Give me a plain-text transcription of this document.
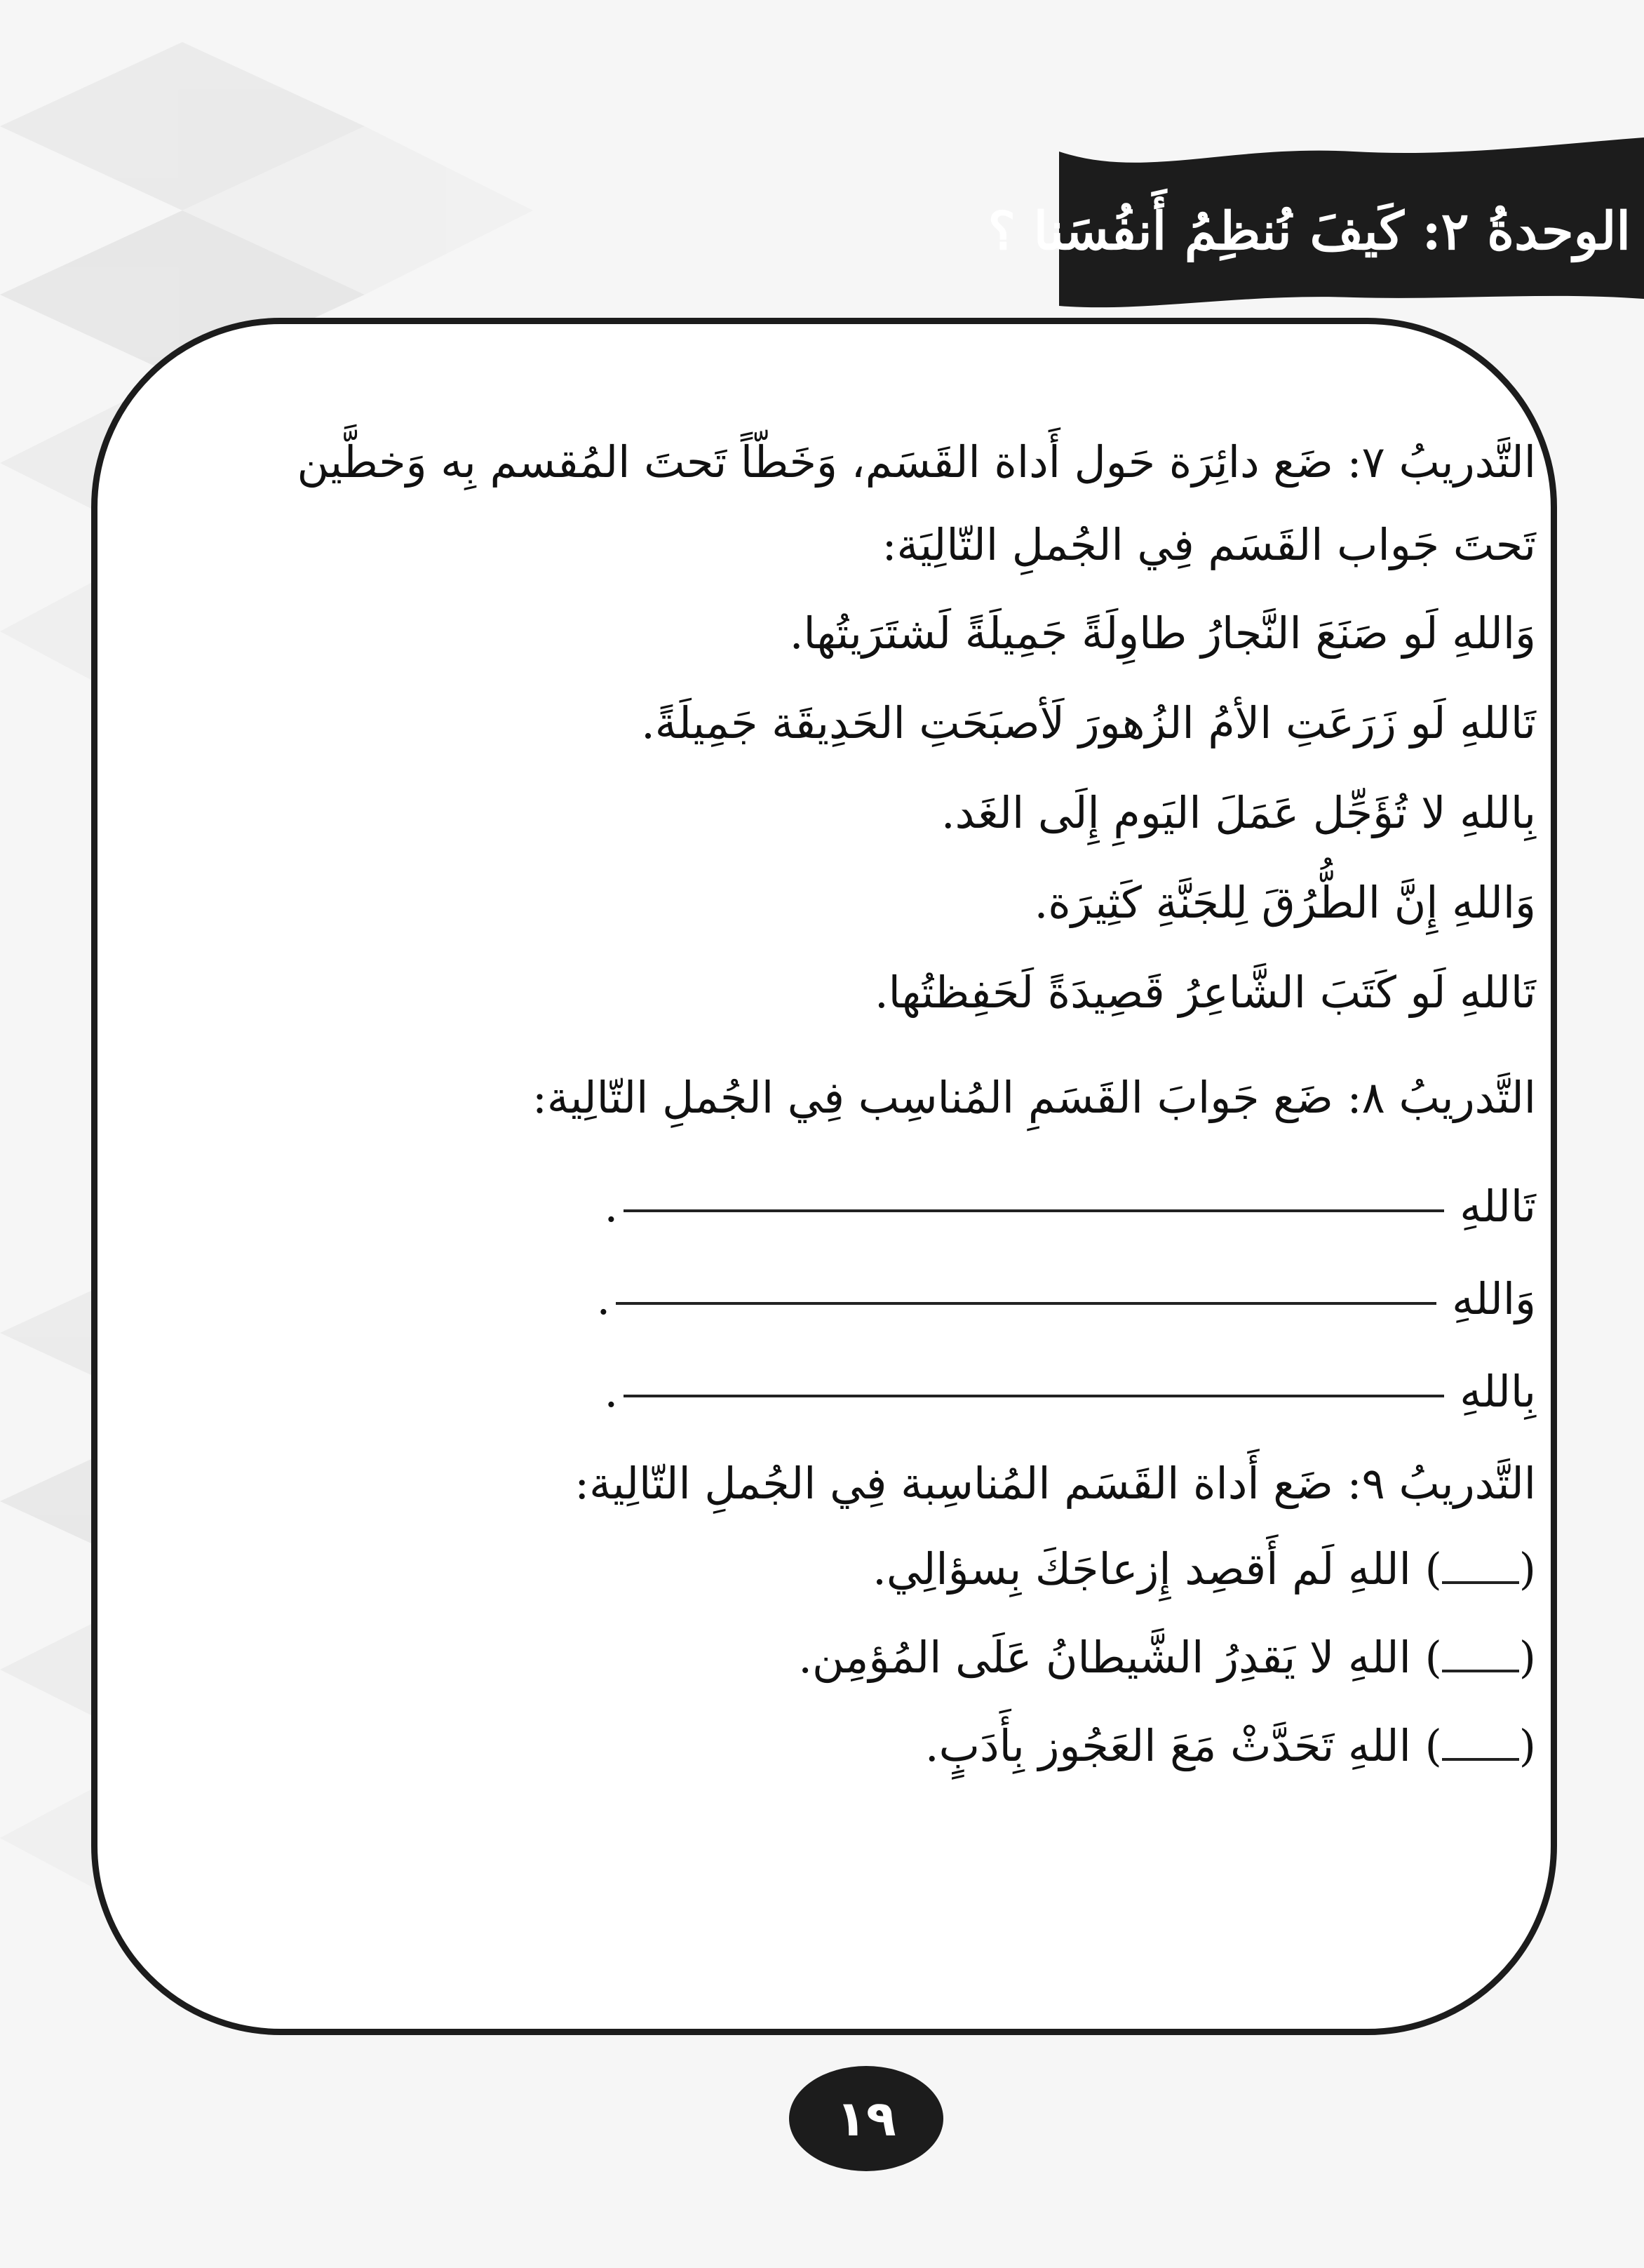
الوحدةُ ٢: كَيفَ نُنظِمُ أَنفُسَنا ؟
التَّدريبُ ٧: ضَع دائِرَة حَول أَداة القَسَم، وَخَطّاً تَحتَ المُقسم بِه وَخطَّين تَحتَ جَواب القَسَم فِي الجُملِ التّالِيَة:
وَاللهِ لَو صَنَعَ النَّجارُ طاوِلَةً جَمِيلَةً لَشتَرَيتُها.
تَاللهِ لَو زَرَعَتِ الأمُ الزُهورَ لَأصبَحَتِ الحَدِيقَة جَمِيلَةً.
بِاللهِ لا تُؤَجِّل عَمَلَ اليَومِ إِلَى الغَد.
وَاللهِ إِنَّ الطُّرُقَ لِلجَنَّةِ كَثِيرَة.
تَاللهِ لَو كَتَبَ الشَّاعِرُ قَصِيدَةً لَحَفِظتُها.
التَّدريبُ ٨: ضَع جَوابَ القَسَمِ المُناسِب فِي الجُملِ التّالِية:
تَاللهِ
.
وَاللهِ
.
بِاللهِ
.
التَّدريبُ ٩: ضَع أَداة القَسَم المُناسِبة فِي الجُملِ التّالِية:
() اللهِ لَم أَقصِد إِزعاجَكَ بِسؤالِي.
() اللهِ لا يَقدِرُ الشَّيطانُ عَلَى المُؤمِن.
() اللهِ تَحَدَّثْ مَعَ العَجُوز بِأَدَبٍ.
١٩
